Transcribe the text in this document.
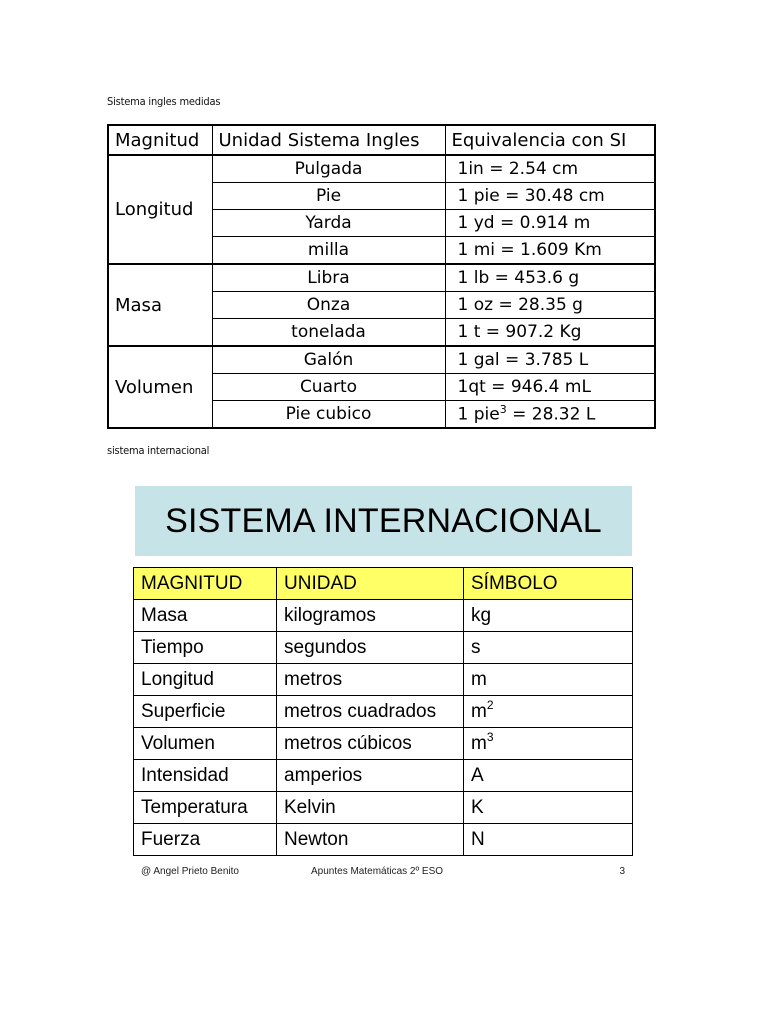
Sistema ingles medidas
Magnitud	Unidad Sistema Ingles	Equivalencia con SI
Longitud	Pulgada	1in = 2.54 cm
	Pie	1 pie = 30.48 cm
	Yarda	1 yd = 0.914 m
	milla	1 mi = 1.609 Km
Masa	Libra	1 lb = 453.6 g
	Onza	1 oz = 28.35 g
	tonelada	1 t = 907.2 Kg
Volumen	Galón	1 gal = 3.785 L
	Cuarto	1qt = 946.4 mL
	Pie cubico	1 pie$^3$ = 28.32 L
sistema internacional
SISTEMA INTERNACIONAL
MAGNITUD	UNIDAD	SÍMBOLO
Masa	kilogramos	kg
Tiempo	segundos	s
Longitud	metros	m
Superficie	metros cuadrados	$m^2$
Volumen	metros cúbicos	$m^3$
Intensidad	amperios	A
Temperatura	Kelvin	K
Fuerza	Newton	N
@ Angel Prieto Benito	Apuntes Matemáticas 2º ESO	3
